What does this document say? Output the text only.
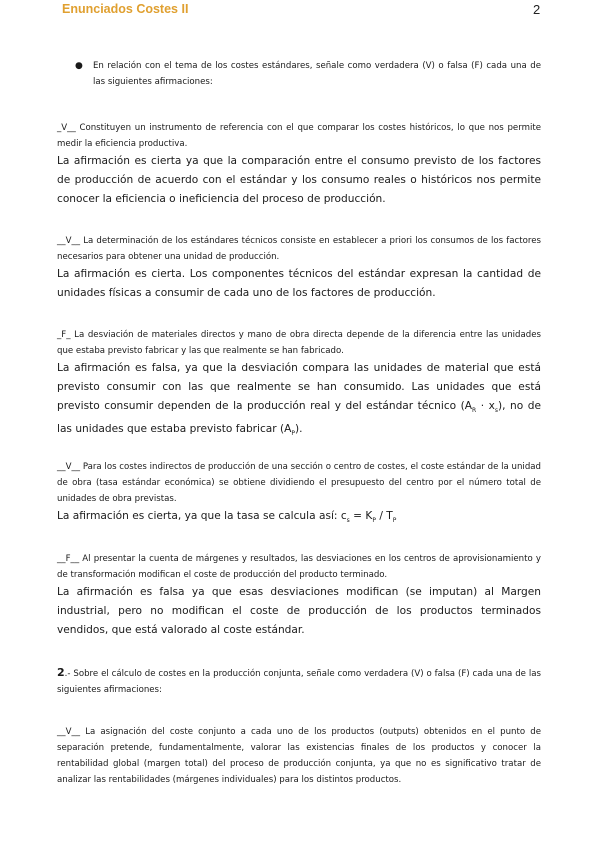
Enunciados Costes II	2
● En relación con el tema de los costes estándares, señale como verdadera (V) o falsa (F) cada una de las siguientes afirmaciones:

_V__ Constituyen un instrumento de referencia con el que comparar los costes históricos, lo que nos permite medir la eficiencia productiva.

La afirmación es cierta ya que la comparación entre el consumo previsto de los factores de producción de acuerdo con el estándar y los consumo reales o históricos nos permite conocer la eficiencia o ineficiencia del proceso de producción.

__V__ La determinación de los estándares técnicos consiste en establecer a priori los consumos de los factores necesarios para obtener una unidad de producción.

La afirmación es cierta. Los componentes técnicos del estándar expresan la cantidad de unidades físicas a consumir de cada uno de los factores de producción.

_F_ La desviación de materiales directos y mano de obra directa depende de la diferencia entre las unidades que estaba previsto fabricar y las que realmente se han fabricado.

La afirmación es falsa, ya que la desviación compara las unidades de material que está previsto consumir con las que realmente se han consumido. Las unidades que está previsto consumir dependen de la producción real y del estándar técnico $(A_R \cdot x_s)$, no de las unidades que estaba previsto fabricar $(A_P)$.

__V__ Para los costes indirectos de producción de una sección o centro de costes, el coste estándar de la unidad de obra (tasa estándar económica) se obtiene dividiendo el presupuesto del centro por el número total de unidades de obra previstas.

La afirmación es cierta, ya que la tasa se calcula así: $c_s = K_P / T_P$

__F__ Al presentar la cuenta de márgenes y resultados, las desviaciones en los centros de aprovisionamiento y de transformación modifican el coste de producción del producto terminado.

La afirmación es falsa ya que esas desviaciones modifican (se imputan) al Margen industrial, pero no modifican el coste de producción de los productos terminados vendidos, que está valorado al coste estándar.

2.- Sobre el cálculo de costes en la producción conjunta, señale como verdadera (V) o falsa (F) cada una de las siguientes afirmaciones:

__V__ La asignación del coste conjunto a cada uno de los productos (outputs) obtenidos en el punto de separación pretende, fundamentalmente, valorar las existencias finales de los productos y conocer la rentabilidad global (margen total) del proceso de producción conjunta, ya que no es significativo tratar de analizar las rentabilidades (márgenes individuales) para los distintos productos.
